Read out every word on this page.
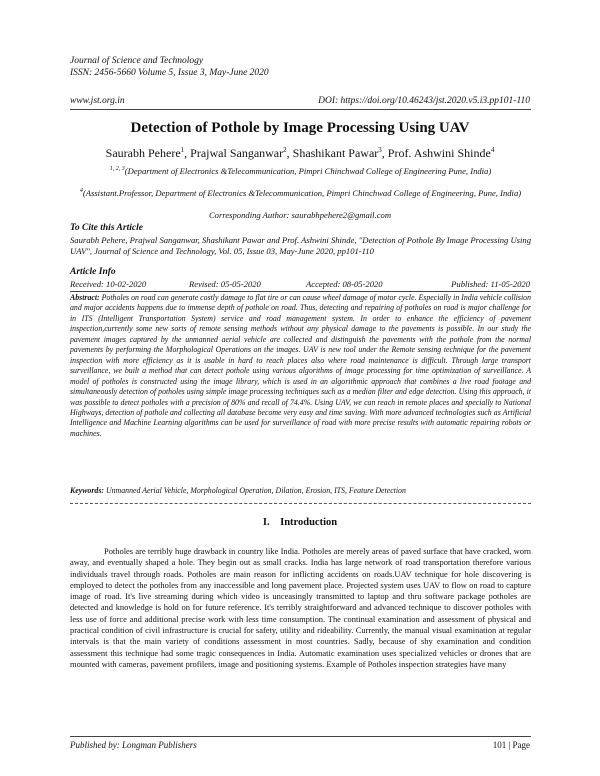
Journal of Science and Technology
ISSN: 2456-5660 Volume 5, Issue 3, May-June 2020
www.jst.org.in	DOI: https://doi.org/10.46243/jst.2020.v5.i3.pp101-110
Detection of Pothole by Image Processing Using UAV
Saurabh Pehere$^1$, Prajwal Sanganwar$^2$, Shashikant Pawar$^3$, Prof. Ashwini Shinde$^4$
$^{1, 2, 3}$(Department of Electronics &Telecommunication, Pimpri Chinchwad College of Engineering Pune, India)
$^4$(Assistant.Professor, Department of Electronics &Telecommunication, Pimpri Chinchwad College of Engineering, Pune, India)
Corresponding Author: saurabhpehere2@gmail.com
To Cite this Article
Saurabh Pehere, Prajwal Sanganwar, Shashikant Pawar and Prof. Ashwini Shinde, "Detection of Pothole By Image Processing Using UAV", Journal of Science and Technology, Vol. 05, Issue 03, May-June 2020, pp101-110
Article Info
Received: 10-02-2020	Revised: 05-05-2020	Accepted: 08-05-2020	Published: 11-05-2020
Abstract: Potholes on road can generate costly damage to flat tire or can cause wheel damage of motor cycle. Especially in India vehicle collision and major accidents happens due to immense depth of pothole on road. Thus, detecting and repairing of potholes on road is major challenge for in ITS (Intelligent Transportation System) service and road management system. In order to enhance the efficiency of pavement inspection,currently some new sorts of remote sensing methods without any physical damage to the pavements is possible. In our study the pavement images captured by the unmanned aerial vehicle are collected and distinguish the pavements with the pothole from the normal pavements by performing the Morphological Operations on the images. UAV is new tool under the Remote sensing technique for the pavement inspection with more efficiency as it is usable in hard to reach places also where road maintenance is difficult. Through large transport surveillance, we built a method that can detect pothole using various algorithms of image processing for time optimization of surveillance. A model of potholes is constructed using the image library, which is used in an algorithmic approach that combines a live road footage and simultaneously detection of potholes using simple image processing techniques such as a median filter and edge detection. Using this approach, it was possible to detect potholes with a precision of 80% and recall of 74.4%. Using UAV, we can reach in remote places and specially to National Highways, detection of pothole and collecting all database become very easy and time saving. With more advanced technologies such as Artificial Intelligence and Machine Learning algorithms can be used for surveillance of road with more precise results with automatic repairing robots or machines.
Keywords: Unmanned Aerial Vehicle, Morphological Operation, Dilation, Erosion, ITS, Feature Detection
I. Introduction
Potholes are terribly huge drawback in country like India. Potholes are merely areas of paved surface that have cracked, worn away, and eventually shaped a hole. They begin out as small cracks. India has large network of road transportation therefore various individuals travel through roads. Potholes are main reason for inflicting accidents on roads.UAV technique for hole discovering is employed to detect the potholes from any inaccessible and long pavement place. Projected system uses UAV to flow on road to capture image of road. It's live streaming during which video is unceasingly transmitted to laptop and thru software package potholes are detected and knowledge is hold on for future reference. It's terribly straightforward and advanced technique to discover potholes with less use of force and additional precise work with less time consumption. The continual examination and assessment of physical and practical condition of civil infrastructure is crucial for safety, utility and rideability. Currently, the manual visual examination at regular intervals is that the main variety of conditions assessment in most countries. Sadly, because of shy examination and condition assessment this technique had some tragic consequences in India. Automatic examination uses specialized vehicles or drones that are mounted with cameras, pavement profilers, image and positioning systems. Example of Potholes inspection strategies have many
Published by: Longman Publishers	101 | Page
